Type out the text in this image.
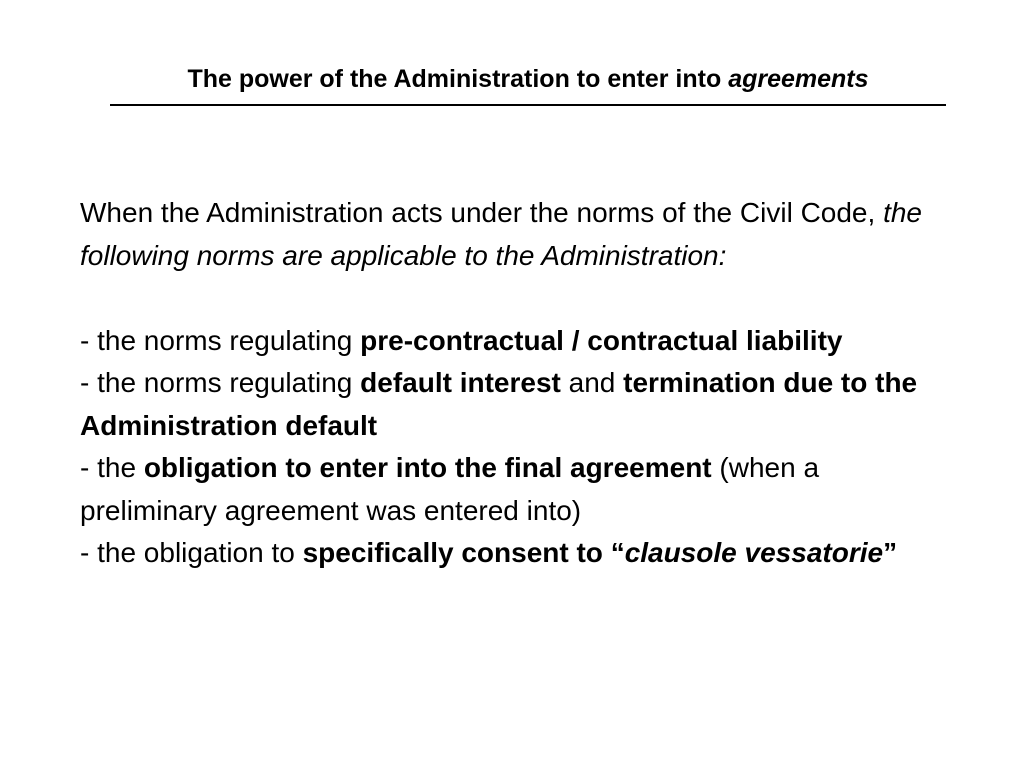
The power of the Administration to enter into agreements

When the Administration acts under the norms of the Civil Code, the following norms are applicable to the Administration:

- the norms regulating pre-contractual / contractual liability

- the norms regulating default interest and termination due to the Administration default

- the obligation to enter into the final agreement (when a preliminary agreement was entered into)

- the obligation to specifically consent to “clausole vessatorie”
